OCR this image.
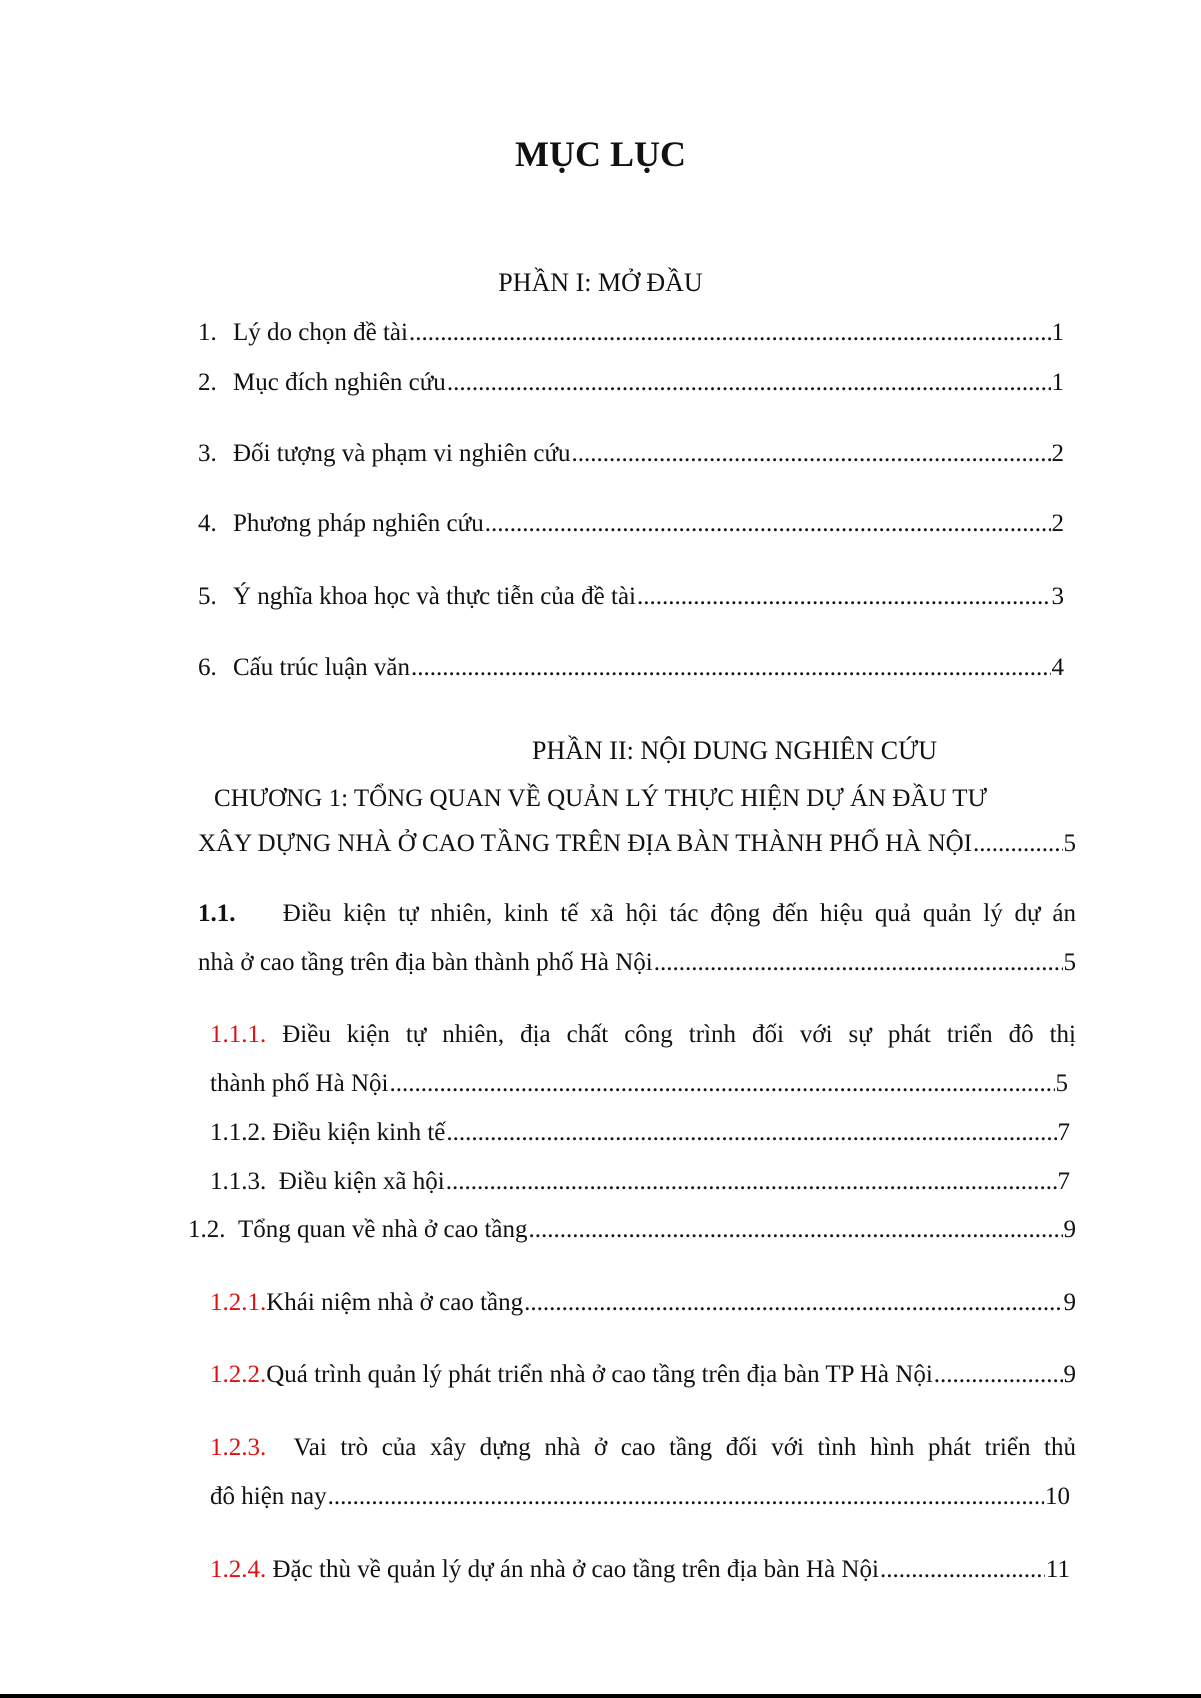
MỤC LỤC
PHẦN I: MỞ ĐẦU
1. Lý do chọn đề tài .....	1
2. Mục đích nghiên cứu .....	1
3. Đối tượng và phạm vi nghiên cứu .....	2
4. Phương pháp nghiên cứu .....	2
5. Ý nghĩa khoa học và thực tiễn của đề tài .....	3
6. Cấu trúc luận văn .....	4
PHẦN II: NỘI DUNG NGHIÊN CỨU
CHƯƠNG 1: TỔNG QUAN VỀ QUẢN LÝ THỰC HIỆN DỰ ÁN ĐẦU TƯ
XÂY DỰNG NHÀ Ở CAO TẦNG TRÊN ĐỊA BÀN THÀNH PHỐ HÀ NỘI .....	5
1.1. Điều kiện tự nhiên, kinh tế xã hội tác động đến hiệu quả quản lý dự án
nhà ở cao tầng trên địa bàn thành phố Hà Nội .....	5
1.1.1. Điều kiện tự nhiên, địa chất công trình đối với sự phát triển đô thị
thành phố Hà Nội .....	5
1.1.2. Điều kiện kinh tế .....	7
1.1.3. Điều kiện xã hội .....	7
1.2. Tổng quan về nhà ở cao tầng .....	9
1.2.1.Khái niệm nhà ở cao tầng .....	9
1.2.2.Quá trình quản lý phát triển nhà ở cao tầng trên địa bàn TP Hà Nội .....	9
1.2.3. Vai trò của xây dựng nhà ở cao tầng đối với tình hình phát triển thủ
đô hiện nay .....	10
1.2.4. Đặc thù về quản lý dự án nhà ở cao tầng trên địa bàn Hà Nội .....	11
